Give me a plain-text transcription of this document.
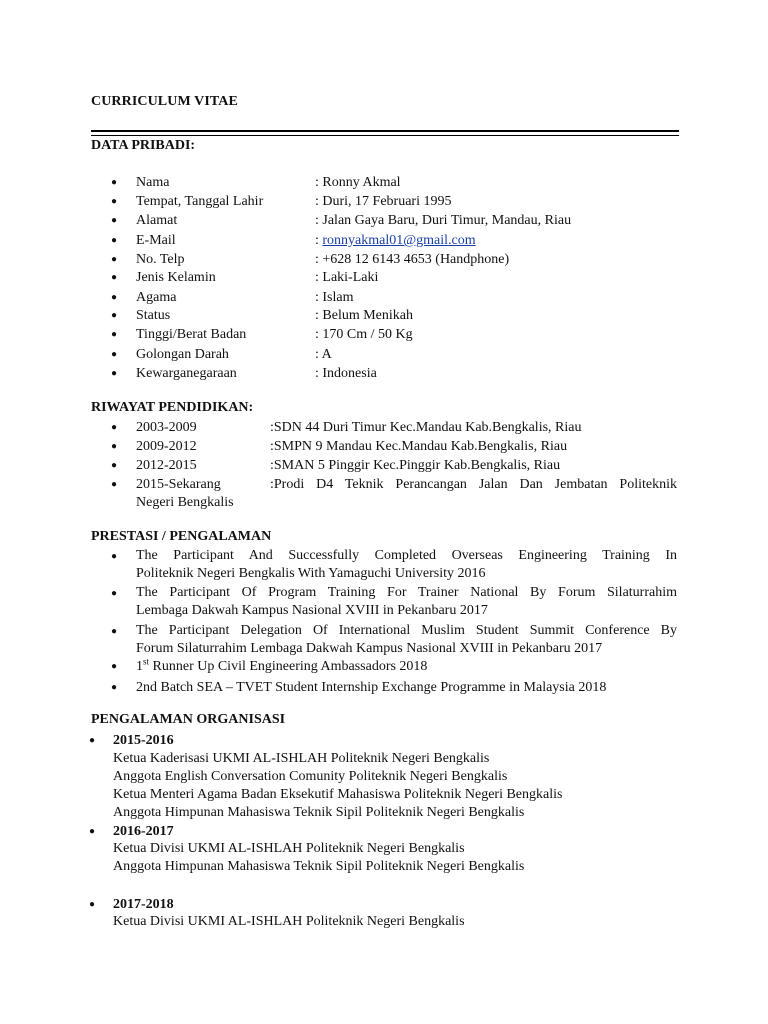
CURRICULUM VITAE
DATA PRIBADI:
● Nama	: Ronny Akmal
● Tempat, Tanggal Lahir	: Duri, 17 Februari 1995
● Alamat	: Jalan Gaya Baru, Duri Timur, Mandau, Riau
● E-Mail	: ronnyakmal01@gmail.com
● No. Telp	: +628 12 6143 4653 (Handphone)
● Jenis Kelamin	: Laki-Laki
● Agama	: Islam
● Status	: Belum Menikah
● Tinggi/Berat Badan	: 170 Cm / 50 Kg
● Golongan Darah	: A
● Kewarganegaraan	: Indonesia
RIWAYAT PENDIDIKAN:
● 2003-2009	:SDN 44 Duri Timur Kec.Mandau Kab.Bengkalis, Riau
● 2009-2012	:SMPN 9 Mandau Kec.Mandau Kab.Bengkalis, Riau
● 2012-2015	:SMAN 5 Pinggir Kec.Pinggir Kab.Bengkalis, Riau
● 2015-Sekarang	:Prodi D4 Teknik Perancangan Jalan Dan Jembatan Politeknik
Negeri Bengkalis
PRESTASI / PENGALAMAN
● The Participant And Successfully Completed Overseas Engineering Training In
Politeknik Negeri Bengkalis With Yamaguchi University 2016
● The Participant Of Program Training For Trainer National By Forum Silaturrahim
Lembaga Dakwah Kampus Nasional XVIII in Pekanbaru 2017
● The Participant Delegation Of International Muslim Student Summit Conference By
Forum Silaturrahim Lembaga Dakwah Kampus Nasional XVIII in Pekanbaru 2017
● 1st Runner Up Civil Engineering Ambassadors 2018
● 2nd Batch SEA – TVET Student Internship Exchange Programme in Malaysia 2018
PENGALAMAN ORGANISASI
● 2015-2016
Ketua Kaderisasi UKMI AL-ISHLAH Politeknik Negeri Bengkalis
Anggota English Conversation Comunity Politeknik Negeri Bengkalis
Ketua Menteri Agama Badan Eksekutif Mahasiswa Politeknik Negeri Bengkalis
Anggota Himpunan Mahasiswa Teknik Sipil Politeknik Negeri Bengkalis
● 2016-2017
Ketua Divisi UKMI AL-ISHLAH Politeknik Negeri Bengkalis
Anggota Himpunan Mahasiswa Teknik Sipil Politeknik Negeri Bengkalis
● 2017-2018
Ketua Divisi UKMI AL-ISHLAH Politeknik Negeri Bengkalis
